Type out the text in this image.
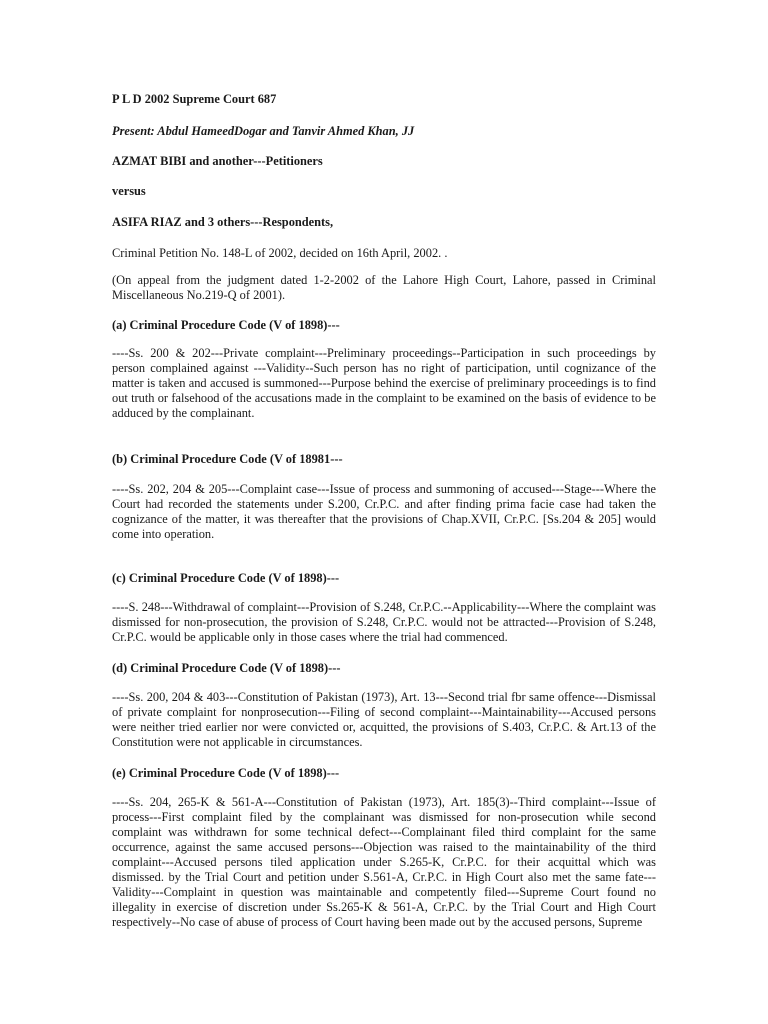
P L D 2002 Supreme Court 687

Present: Abdul HameedDogar and Tanvir Ahmed Khan, JJ

AZMAT BIBI and another---Petitioners

versus

ASIFA RIAZ and 3 others---Respondents,

Criminal Petition No. 148-L of 2002, decided on 16th April, 2002. .

(On appeal from the judgment dated 1-2-2002 of the Lahore High Court, Lahore, passed in Criminal Miscellaneous No.219-Q of 2001).

(a) Criminal Procedure Code (V of 1898)---

----Ss. 200 & 202---Private complaint---Preliminary proceedings--Participation in such proceedings by person complained against ---Validity--Such person has no right of participation, until cognizance of the matter is taken and accused is summoned---Purpose behind the exercise of preliminary proceedings is to find out truth or falsehood of the accusations made in the complaint to be examined on the basis of evidence to be adduced by the complainant.

(b) Criminal Procedure Code (V of 18981---

----Ss. 202, 204 & 205---Complaint case---Issue of process and summoning of accused---Stage---Where the Court had recorded the statements under S.200, Cr.P.C. and after finding prima facie case had taken the cognizance of the matter, it was thereafter that the provisions of Chap.XVII, Cr.P.C. [Ss.204 & 205] would come into operation.

(c) Criminal Procedure Code (V of 1898)---

----S. 248---Withdrawal of complaint---Provision of S.248, Cr.P.C.--Applicability---Where the complaint was dismissed for non-prosecution, the provision of S.248, Cr.P.C. would not be attracted---Provision of S.248, Cr.P.C. would be applicable only in those cases where the trial had commenced.

(d) Criminal Procedure Code (V of 1898)---

----Ss. 200, 204 & 403---Constitution of Pakistan (1973), Art. 13---Second trial fbr same offence---Dismissal of private complaint for nonprosecution---Filing of second complaint---Maintainability---Accused persons were neither tried earlier nor were convicted or, acquitted, the provisions of S.403, Cr.P.C. & Art.13 of the Constitution were not applicable in circumstances.

(e) Criminal Procedure Code (V of 1898)---

----Ss. 204, 265-K & 561-A---Constitution of Pakistan (1973), Art. 185(3)--Third complaint---Issue of process---First complaint filed by the complainant was dismissed for non-prosecution while second complaint was withdrawn for some technical defect---Complainant filed third complaint for the same occurrence, against the same accused persons---Objection was raised to the maintainability of the third complaint---Accused persons tiled application under S.265-K, Cr.P.C. for their acquittal which was dismissed. by the Trial Court and petition under S.561-A, Cr.P.C. in High Court also met the same fate---Validity---Complaint in question was maintainable and competently filed---Supreme Court found no illegality in exercise of discretion under Ss.265-K & 561-A, Cr.P.C. by the Trial Court and High Court respectively--No case of abuse of process of Court having been made out by the accused persons, Supreme
